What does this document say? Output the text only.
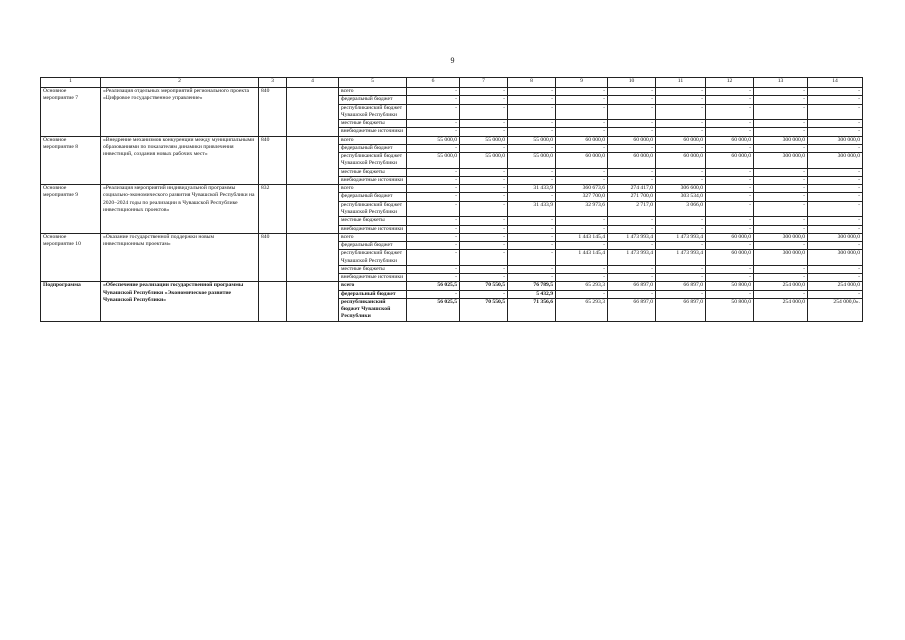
9
1	2	3	4	5	6	7	8	9	10	11	12	13	14
Основное мероприятие 7	«Реализация отдельных мероприятий регионального проекта «Цифровое государственное управление»	840		всего	-	-	-	-	-	-	-	-	-
				федеральный бюджет	-	-	-	-	-	-	-	-	-
				республиканский бюджет Чувашской Республики	-	-	-	-	-	-	-	-	-
				местные бюджеты	-	-	-	-	-	-	-	-	-
				внебюджетные источники	-	-	-	-	-	-	-	-	-
Основное мероприятие 8	«Внедрение механизмов конкуренции между муниципальными образованиями по показателям динамики привлечения инвестиций, создания новых рабочих мест»	840		всего	55 000,0	55 000,0	55 000,0	60 000,0	60 000,0	60 000,0	60 000,0	300 000,0	300 000,0
				федеральный бюджет	-	-	-	-	-	-	-	-	-
				республиканский бюджет Чувашской Республики	55 000,0	55 000,0	55 000,0	60 000,0	60 000,0	60 000,0	60 000,0	300 000,0	300 000,0
				местные бюджеты	-	-	-	-	-	-	-	-	-
				внебюджетные источники	-	-	-	-	-	-	-	-	-
Основное мероприятие 9	«Реализация мероприятий индивидуальной программы социально-экономического развития Чувашской Республики на 2020–2024 годы по реализации в Чувашской Республике инвестиционных проектов»	832		всего	-	-	31 433,9	360 673,6	274 417,0	306 600,0	-	-	-
				федеральный бюджет	-	-	-	327 700,0	271 700,0	303 534,0	-	-	-
				республиканский бюджет Чувашской Республики	-	-	31 433,9	32 973,6	2 717,0	3 066,0	-	-	-
				местные бюджеты	-	-	-	-	-	-	-	-	-
				внебюджетные источники	-	-	-	-	-	-	-	-	-
Основное мероприятие 10	«Оказание государственной поддержки новым инвестиционным проектам»	840		всего	-	-	-	1 443 145,4	1 473 993,4	1 473 993,4	60 000,0	300 000,0	300 000,0
				федеральный бюджет	-	-	-	-	-	-	-	-	-
				республиканский бюджет Чувашской Республики	-	-	-	1 443 145,4	1 473 993,4	1 473 993,4	60 000,0	300 000,0	300 000,0
				местные бюджеты	-	-	-	-	-	-	-	-	-
				внебюджетные источники	-	-	-	-	-	-	-	-	-
Подпрограмма	«Обеспечение реализации государственной программы Чувашской Республики «Экономическое развитие Чувашской Республики»			всего	56 025,5	70 550,5	76 789,5	65 293,3	66 897,0	66 897,0	50 800,0	254 000,0	254 000,0
				федеральный бюджет	-	-	5 432,9	-	-	-	-	-	-
				республиканский бюджет Чувашской Республики	56 025,5	70 550,5	71 356,6	65 293,3	66 897,0	66 897,0	50 800,0	254 000,0	254 000,0».
